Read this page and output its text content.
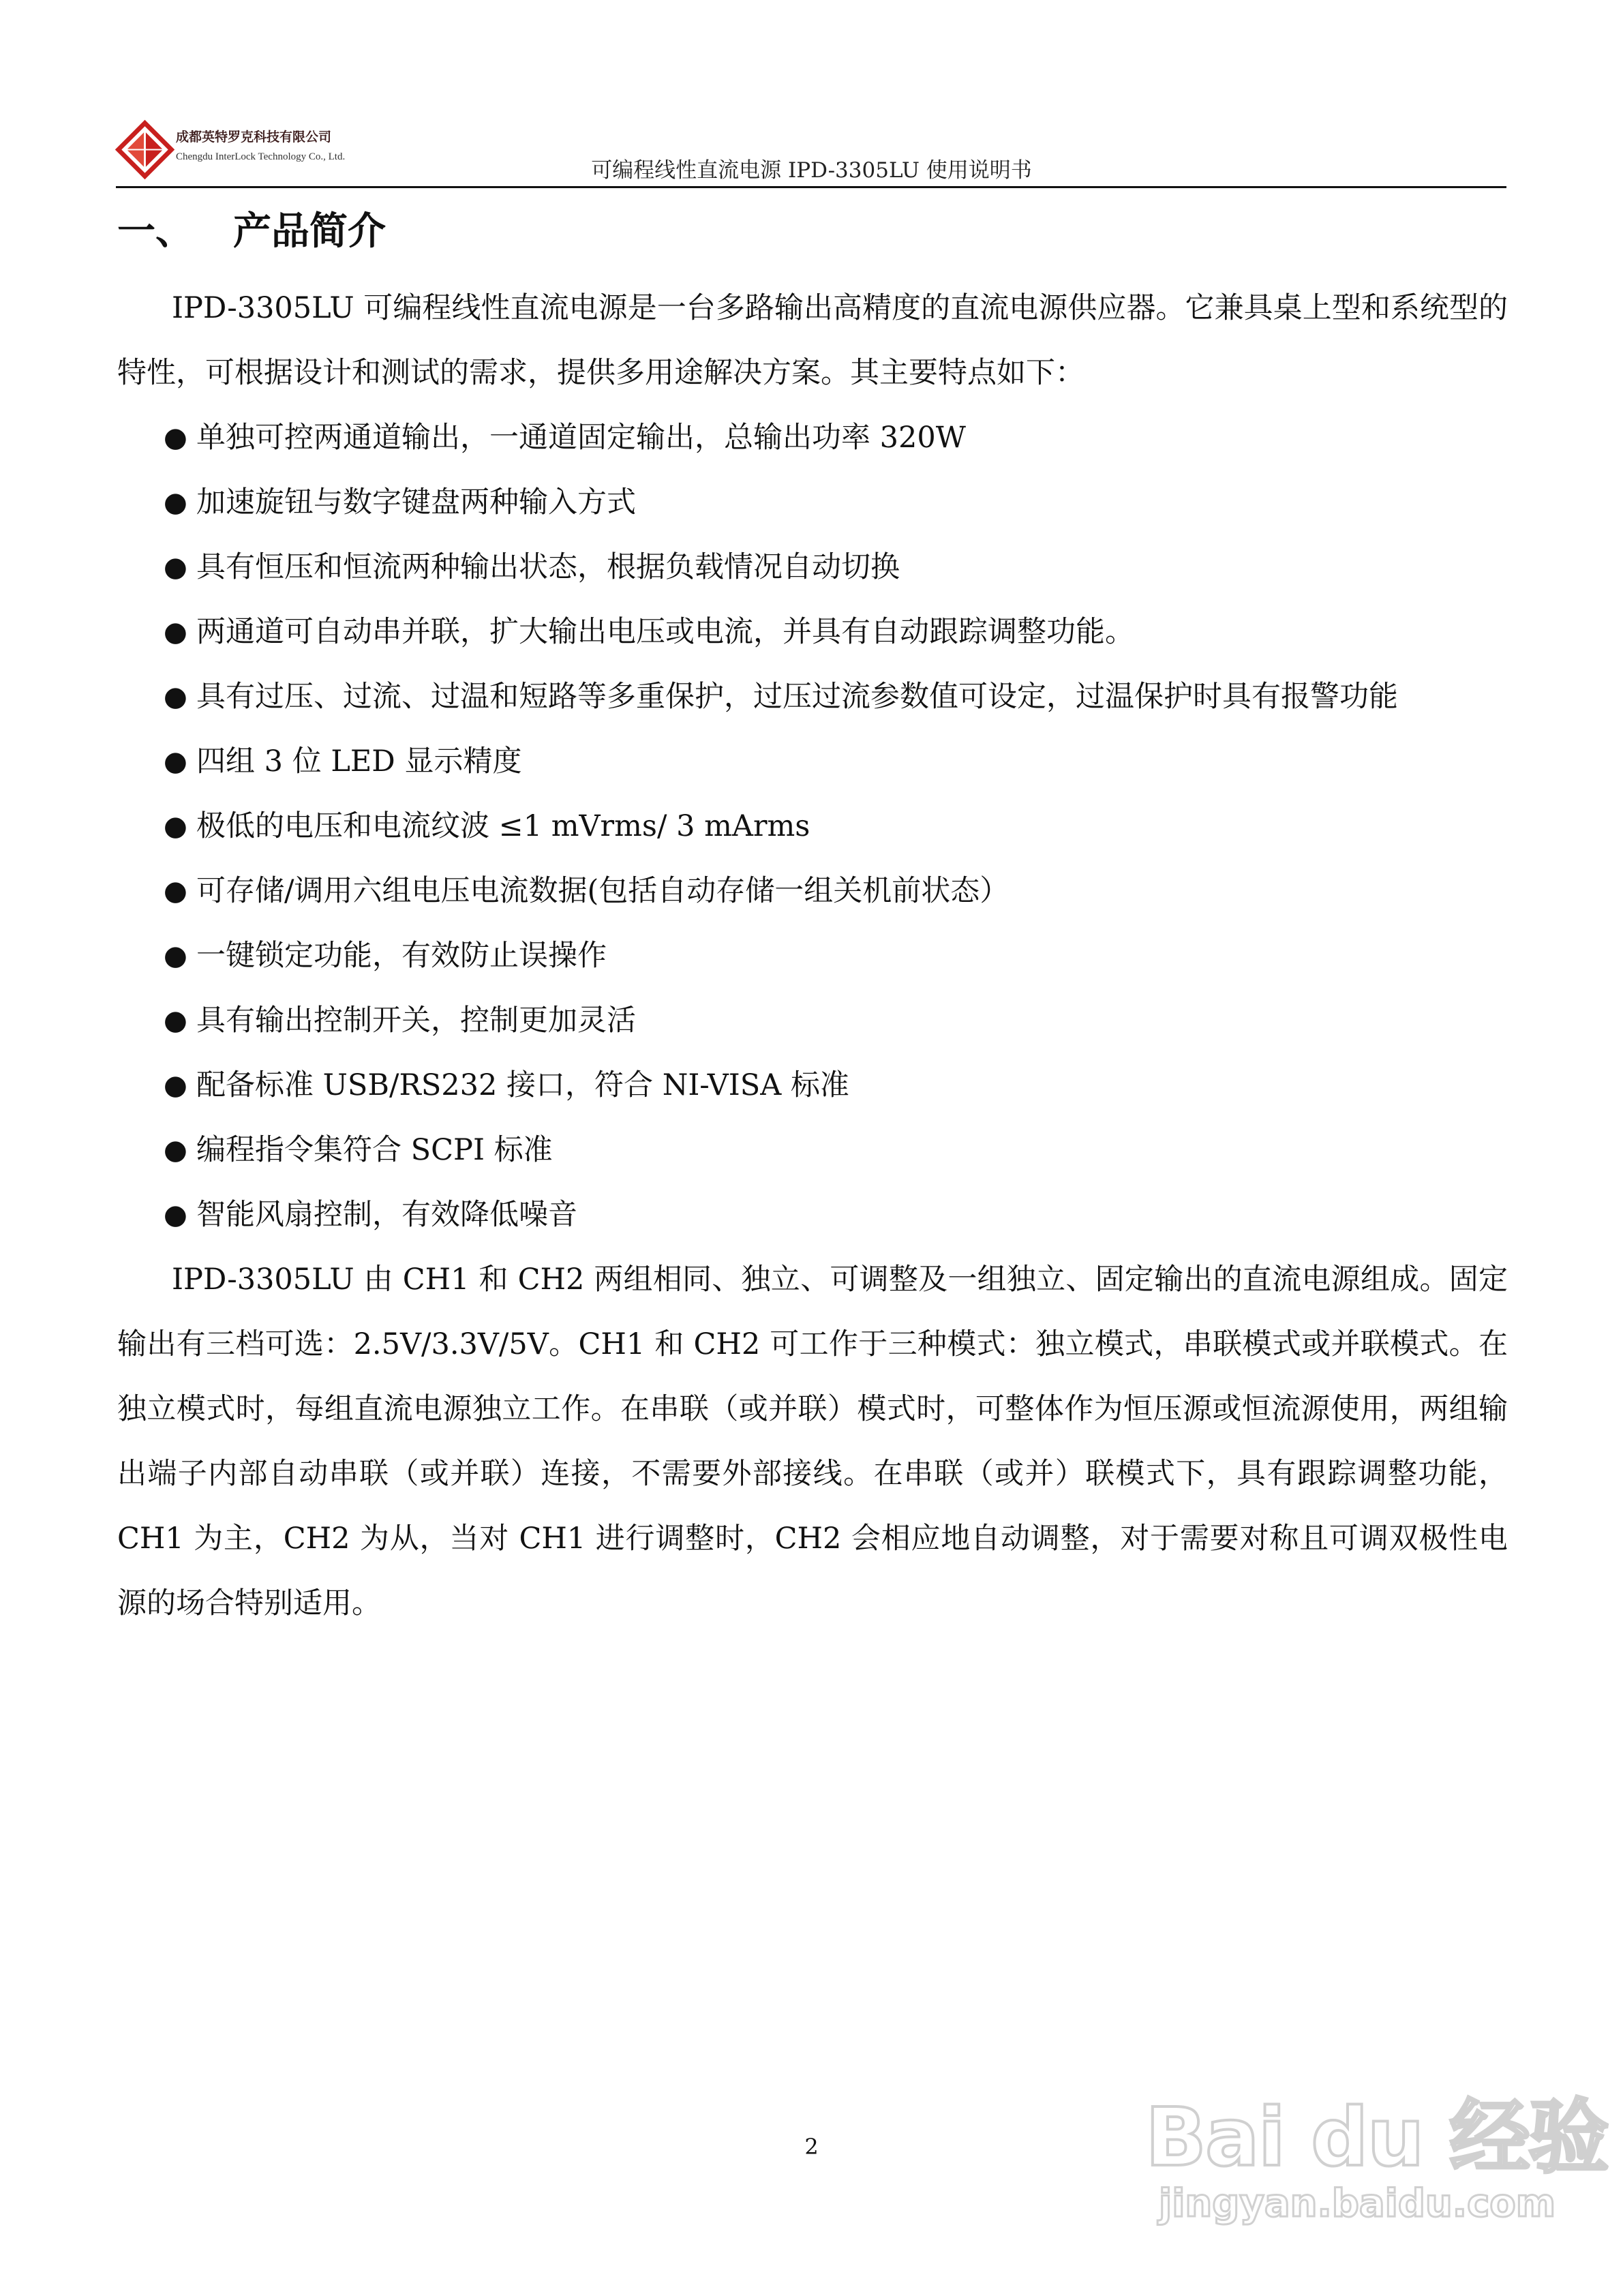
成都英特罗克科技有限公司
Chengdu InterLock Technology Co., Ltd.
可编程线性直流电源 IPD-3305LU 使用说明书
一、 产品简介

IPD-3305LU 可编程线性直流电源是一台多路输出高精度的直流电源供应器。它兼具桌上型和系统型的特性，可根据设计和测试的需求，提供多用途解决方案。其主要特点如下：

● 单独可控两通道输出，一通道固定输出，总输出功率 320W
● 加速旋钮与数字键盘两种输入方式
● 具有恒压和恒流两种输出状态，根据负载情况自动切换
● 两通道可自动串并联，扩大输出电压或电流，并具有自动跟踪调整功能。
● 具有过压、过流、过温和短路等多重保护，过压过流参数值可设定，过温保护时具有报警功能
● 四组 3 位 LED 显示精度
● 极低的电压和电流纹波 ≤1 mVrms/ 3 mArms
● 可存储/调用六组电压电流数据(包括自动存储一组关机前状态）
● 一键锁定功能，有效防止误操作
● 具有输出控制开关，控制更加灵活
● 配备标准 USB/RS232 接口，符合 NI-VISA 标准
● 编程指令集符合 SCPI 标准
● 智能风扇控制，有效降低噪音

IPD-3305LU 由 CH1 和 CH2 两组相同、独立、可调整及一组独立、固定输出的直流电源组成。固定输出有三档可选：2.5V/3.3V/5V。CH1 和 CH2 可工作于三种模式：独立模式，串联模式或并联模式。在独立模式时，每组直流电源独立工作。在串联（或并联）模式时，可整体作为恒压源或恒流源使用，两组输出端子内部自动串联（或并联）连接，不需要外部接线。在串联（或并）联模式下，具有跟踪调整功能，CH1 为主，CH2 为从，当对 CH1 进行调整时，CH2 会相应地自动调整，对于需要对称且可调双极性电源的场合特别适用。

2	Bai du 经验
jingyan.baidu.com
